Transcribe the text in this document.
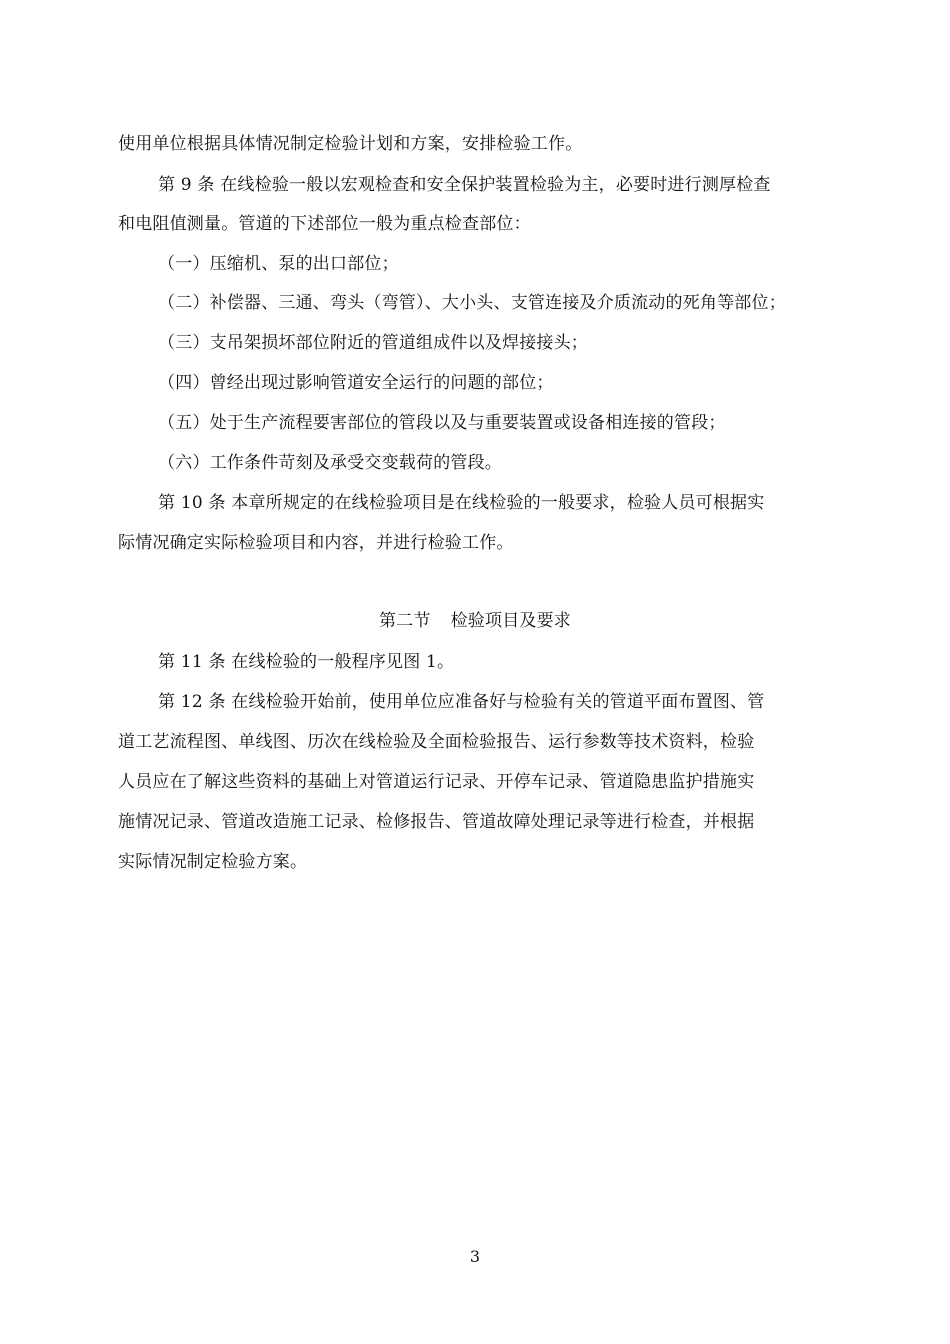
使用单位根据具体情况制定检验计划和方案，安排检验工作。
第 9 条 在线检验一般以宏观检查和安全保护装置检验为主，必要时进行测厚检查
和电阻值测量。管道的下述部位一般为重点检查部位：
（一）压缩机、泵的出口部位；
（二）补偿器、三通、弯头（弯管）、大小头、支管连接及介质流动的死角等部位；
（三）支吊架损坏部位附近的管道组成件以及焊接接头；
（四）曾经出现过影响管道安全运行的问题的部位；
（五）处于生产流程要害部位的管段以及与重要装置或设备相连接的管段；
（六）工作条件苛刻及承受交变载荷的管段。
第 10 条 本章所规定的在线检验项目是在线检验的一般要求，检验人员可根据实
际情况确定实际检验项目和内容，并进行检验工作。
第二节 检验项目及要求
第 11 条 在线检验的一般程序见图 1。
第 12 条 在线检验开始前，使用单位应准备好与检验有关的管道平面布置图、管
道工艺流程图、单线图、历次在线检验及全面检验报告、运行参数等技术资料，检验
人员应在了解这些资料的基础上对管道运行记录、开停车记录、管道隐患监护措施实
施情况记录、管道改造施工记录、检修报告、管道故障处理记录等进行检查，并根据
实际情况制定检验方案。
3
